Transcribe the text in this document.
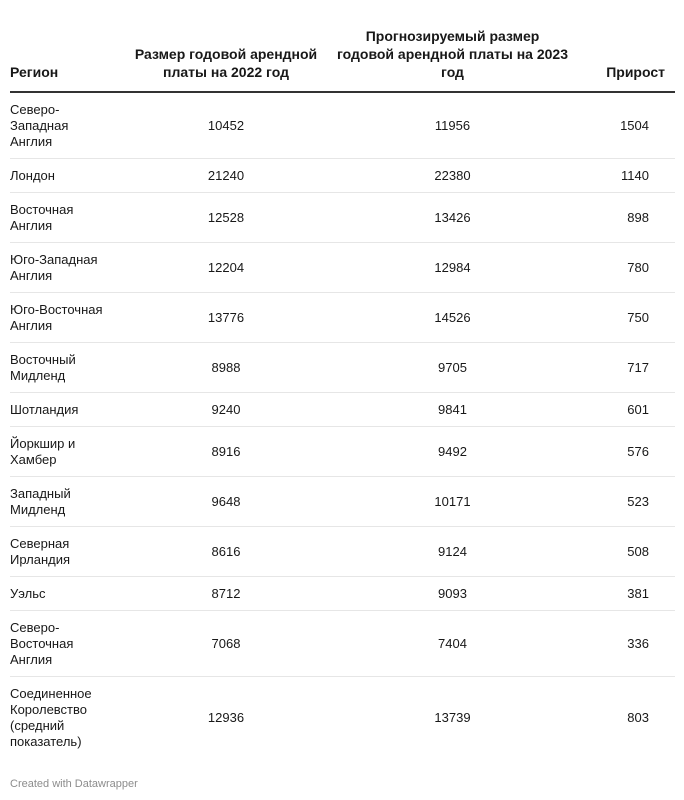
Регион	Размер годовой арендной платы на 2022 год	Прогнозируемый размер годовой арендной платы на 2023 год	Прирост
Северо-Западная Англия	10452	11956	1504
Лондон	21240	22380	1140
Восточная Англия	12528	13426	898
Юго-Западная Англия	12204	12984	780
Юго-Восточная Англия	13776	14526	750
Восточный Мидленд	8988	9705	717
Шотландия	9240	9841	601
Йоркшир и Хамбер	8916	9492	576
Западный Мидленд	9648	10171	523
Северная Ирландия	8616	9124	508
Уэльс	8712	9093	381
Северо-Восточная Англия	7068	7404	336
Соединенное Королевство (средний показатель)	12936	13739	803
Created with Datawrapper
